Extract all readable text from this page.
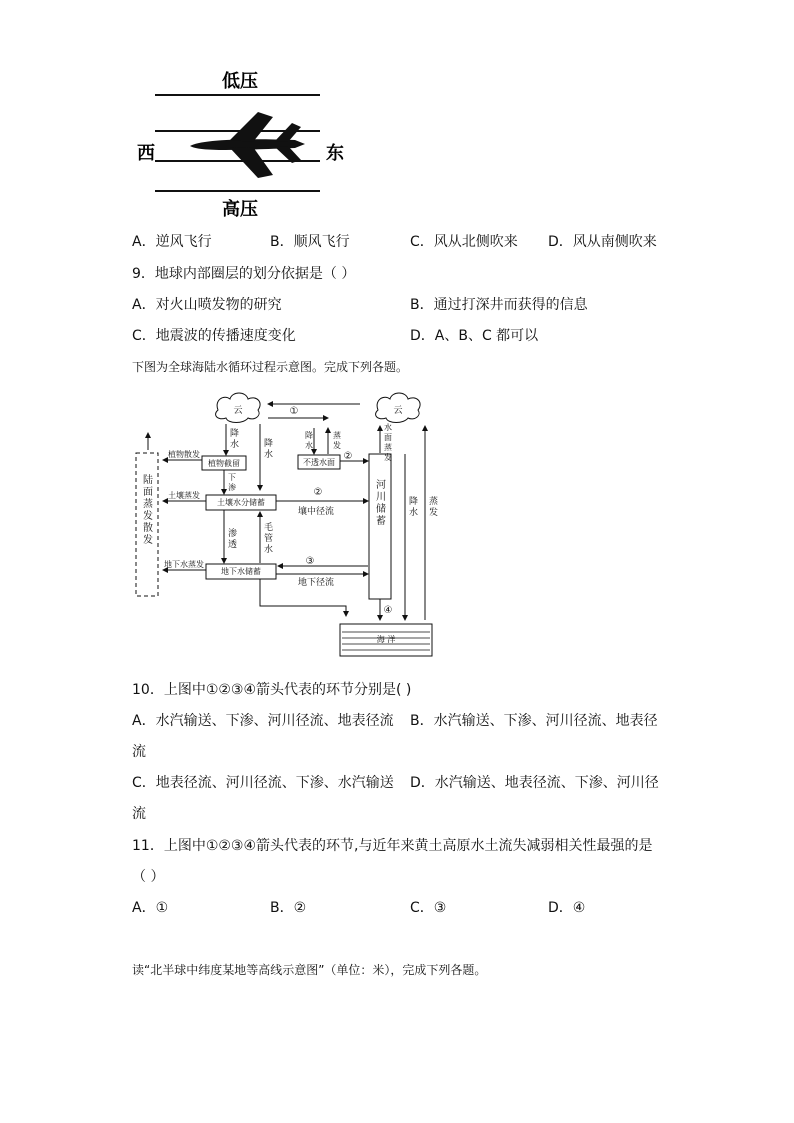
低压
西	东
高压
A．逆风飞行	B．顺风飞行	C．风从北侧吹来 D．风从南侧吹来
9．地球内部圈层的划分依据是（ ）
A．对火山喷发物的研究	B．通过打深井而获得的信息
C．地震波的传播速度变化	D．A、B、C 都可以
下图为全球海陆水循环过程示意图。完成下列各题。
云	云
①
②
②
③
④
壤中径流
地下径流
植物截留	不透水面
土壤水分储蓄
地下水储蓄
植物散发
土壤蒸发
地下水蒸发
海 洋
降水	降水
降水
蒸发
水面蒸发
下渗
渗透
毛管水
河川储蓄
降水
蒸发
陆面蒸发散发
10．上图中①②③④箭头代表的环节分别是( )
A．水汽输送、下渗、河川径流、地表径流 B．水汽输送、下渗、河川径流、地表径
流
C．地表径流、河川径流、下渗、水汽输送 D．水汽输送、地表径流、下渗、河川径
流
11．上图中①②③④箭头代表的环节,与近年来黄土高原水土流失减弱相关性最强的是
（ ）
A．①	B．②	C．③	D．④
读“北半球中纬度某地等高线示意图”（单位：米），完成下列各题。
